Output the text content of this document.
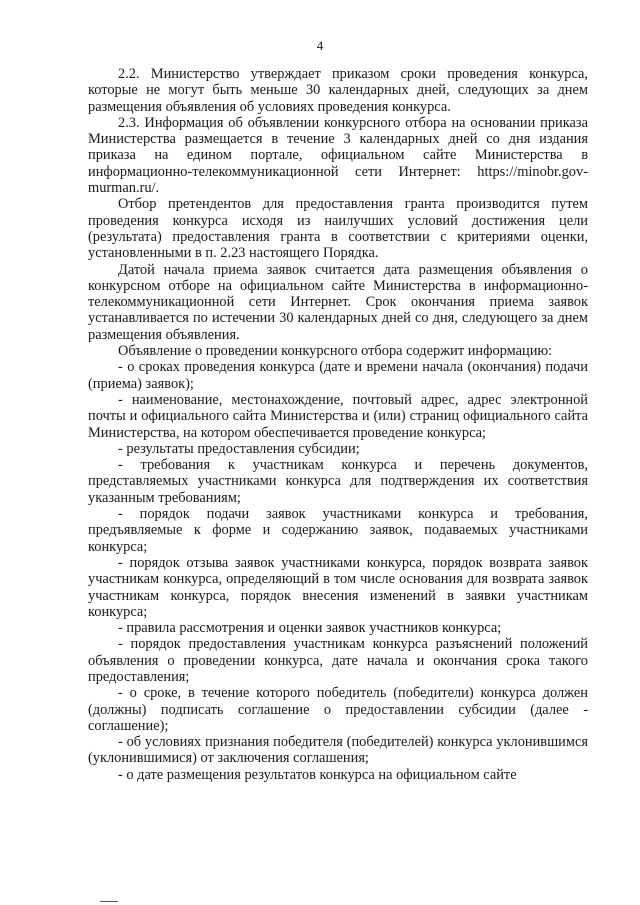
4

2.2. Министерство утверждает приказом сроки проведения конкурса, которые не могут быть меньше 30 календарных дней, следующих за днем размещения объявления об условиях проведения конкурса.

2.3. Информация об объявлении конкурсного отбора на основании приказа Министерства размещается в течение 3 календарных дней со дня издания приказа на едином портале, официальном сайте Министерства в информационно-телекоммуникационной сети Интернет: https://minobr.gov-murman.ru/.

Отбор претендентов для предоставления гранта производится путем проведения конкурса исходя из наилучших условий достижения цели (результата) предоставления гранта в соответствии с критериями оценки, установленными в п. 2.23 настоящего Порядка.

Датой начала приема заявок считается дата размещения объявления о конкурсном отборе на официальном сайте Министерства в информационно-телекоммуникационной сети Интернет. Срок окончания приема заявок устанавливается по истечении 30 календарных дней со дня, следующего за днем размещения объявления.

Объявление о проведении конкурсного отбора содержит информацию:

- о сроках проведения конкурса (дате и времени начала (окончания) подачи (приема) заявок);

- наименование, местонахождение, почтовый адрес, адрес электронной почты и официального сайта Министерства и (или) страниц официального сайта Министерства, на котором обеспечивается проведение конкурса;

- результаты предоставления субсидии;

- требования к участникам конкурса и перечень документов, представляемых участниками конкурса для подтверждения их соответствия указанным требованиям;

- порядок подачи заявок участниками конкурса и требования, предъявляемые к форме и содержанию заявок, подаваемых участниками конкурса;

- порядок отзыва заявок участниками конкурса, порядок возврата заявок участникам конкурса, определяющий в том числе основания для возврата заявок участникам конкурса, порядок внесения изменений в заявки участникам конкурса;

- правила рассмотрения и оценки заявок участников конкурса;

- порядок предоставления участникам конкурса разъяснений положений объявления о проведении конкурса, дате начала и окончания срока такого предоставления;

- о сроке, в течение которого победитель (победители) конкурса должен (должны) подписать соглашение о предоставлении субсидии (далее - соглашение);

- об условиях признания победителя (победителей) конкурса уклонившимся (уклонившимися) от заключения соглашения;

- о дате размещения результатов конкурса на официальном сайте
